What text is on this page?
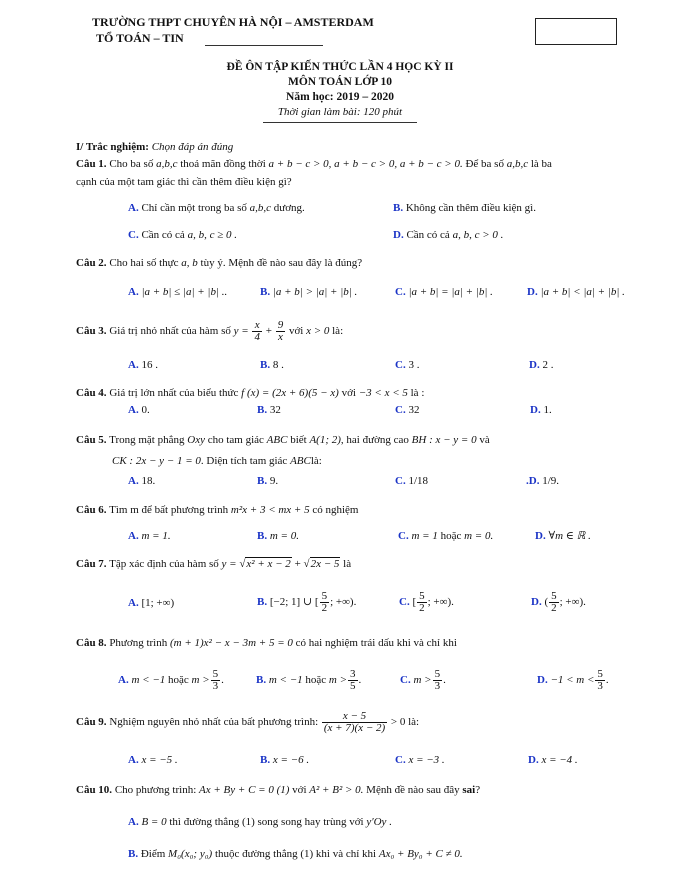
TRƯỜNG THPT CHUYÊN HÀ NỘI – AMSTERDAM
TỔ TOÁN – TIN
ĐỀ ÔN TẬP KIẾN THỨC LẦN 4 HỌC KỲ II
MÔN TOÁN LỚP 10
Năm học: 2019 – 2020
Thời gian làm bài: 120 phút
I/ Trắc nghiệm: Chọn đáp án đúng
Câu 1. Cho ba số a,b,c thoả mãn đồng thời a + b − c > 0, a + b − c > 0, a + b − c > 0. Để ba số a,b,c là ba
cạnh của một tam giác thì cần thêm điều kiện gì?
A. Chỉ cần một trong ba số a,b,c dương.	B. Không cần thêm điều kiện gì.
C. Cần có cả a, b, c ≥ 0 .	D. Cần có cả a, b, c > 0 .
Câu 2. Cho hai số thực a, b tùy ý. Mệnh đề nào sau đây là đúng?
A. |a + b| ≤ |a| + |b| ..	B. |a + b| > |a| + |b| .	C. |a + b| = |a| + |b| .	D. |a + b| < |a| + |b| .
Câu 3. Giá trị nhỏ nhất của hàm số $y = \frac{x}{4} + \frac{9}{x}$ với x > 0 là:
A. 16 .	B. 8 .	C. 3 .	D. 2 .
Câu 4. Giá trị lớn nhất của biểu thức f (x) = (2x + 6)(5 − x) với −3 < x < 5 là :
A. 0.	B. 32	C. 32	D. 1.
Câu 5. Trong mặt phẳng Oxy cho tam giác ABC biết A(1; 2), hai đường cao BH : x − y = 0 và
CK : 2x − y − 1 = 0. Diện tích tam giác ABClà:
A. 18.	B. 9.	C. 1/18	.D. 1/9.
Câu 6. Tìm m để bất phương trình m²x + 3 < mx + 5 có nghiệm
A. m = 1.	B. m = 0.	C. m = 1 hoặc m = 0.	D. ∀m ∈ ℝ .
Câu 7. Tập xác định của hàm số y = √x² + x − 2 + √2x − 5 là
A. [1; +∞)	B. [−2; 1] ∪ [ $\frac{5}{2}$ ; +∞).	C. [ $\frac{5}{2}$ ; +∞).	D. ( $\frac{5}{2}$ ; +∞).
Câu 8. Phương trình (m + 1)x² − x − 3m + 5 = 0 có hai nghiệm trái dấu khi và chỉ khi
A. m < −1 hoặc $m > \frac{5}{3}$ .	B. m < −1 hoặc $m > \frac{3}{5}$ .	C. $m > \frac{5}{3}$ .	D. $-1 < m < \frac{5}{3}$ .
Câu 9. Nghiệm nguyên nhỏ nhất của bất phương trình: $\frac{x - 5}{(x + 7)(x - 2)} > 0$ là:
A. x = −5 .	B. x = −6 .	C. x = −3 .	D. x = −4 .
Câu 10. Cho phương trình: Ax + By + C = 0 (1) với A² + B² > 0. Mệnh đề nào sau đây sai?
A. B = 0 thì đường thẳng (1) song song hay trùng với y′Oy .
B. Điểm M₀(x₀; y₀) thuộc đường thẳng (1) khi và chỉ khi Ax₀ + By₀ + C ≠ 0.
